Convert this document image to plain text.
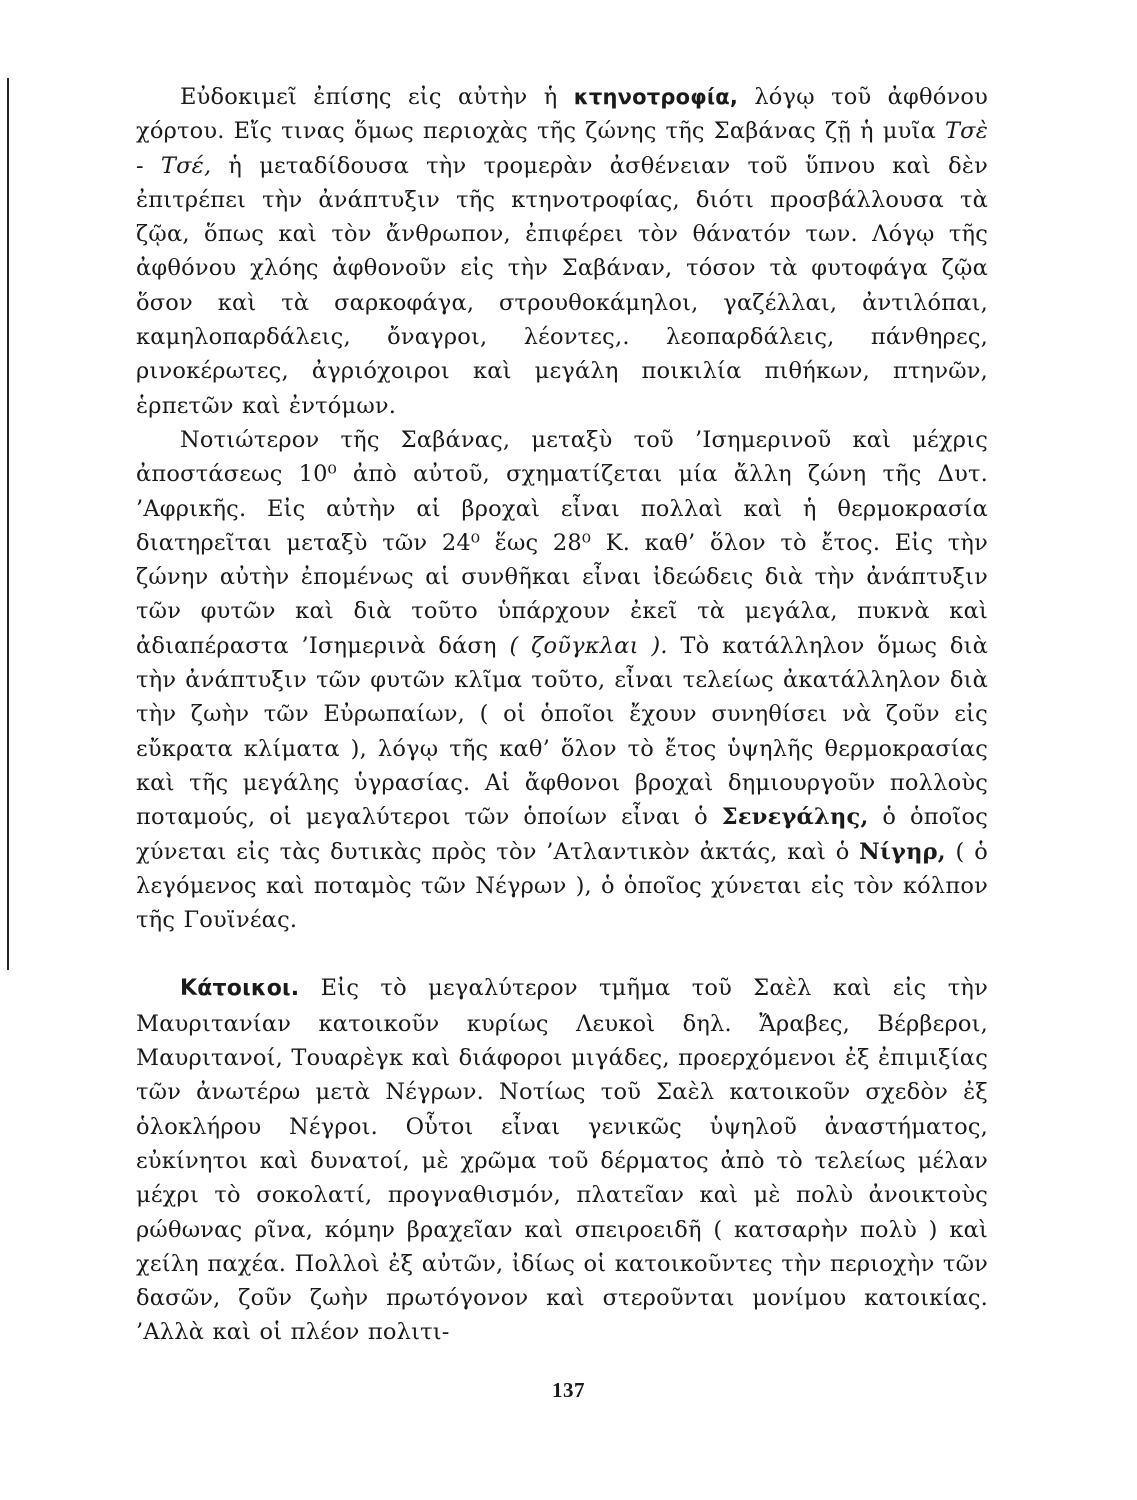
Εὐδοκιμεῖ ἐπίσης εἰς αὐτὴν ἡ κτηνοτροφία, λόγῳ τοῦ ἀφθόνου χόρτου. Εἴς τινας ὅμως περιοχὰς τῆς ζώνης τῆς Σαβάνας ζῇ ἡ μυῖα Τσὲ - Τσέ, ἡ μεταδίδουσα τὴν τρομερὰν ἀσθένειαν τοῦ ὕπνου καὶ δὲν ἐπιτρέπει τὴν ἀνάπτυξιν τῆς κτηνοτροφίας, διότι προσβάλλουσα τὰ ζῷα, ὅπως καὶ τὸν ἄνθρωπον, ἐπιφέρει τὸν θάνατόν των. Λόγῳ τῆς ἀφθόνου χλόης ἀφθονοῦν εἰς τὴν Σαβάναν, τόσον τὰ φυτοφάγα ζῷα ὅσον καὶ τὰ σαρκοφάγα, στρουθοκάμηλοι, γαζέλλαι, ἀντιλόπαι, καμηλοπαρδάλεις, ὄναγροι, λέοντες,. λεοπαρδάλεις, πάνθηρες, ρινοκέρωτες, ἀγριόχοιροι καὶ μεγάλη ποικιλία πιθήκων, πτηνῶν, ἑρπετῶν καὶ ἐντόμων.

Νοτιώτερον τῆς Σαβάνας, μεταξὺ τοῦ ’Ισημερινοῦ καὶ μέχρις ἀποστάσεως 10⁰ ἀπὸ αὐτοῦ, σχηματίζεται μία ἄλλη ζώνη τῆς Δυτ. ’Αφρικῆς. Εἰς αὐτὴν αἱ βροχαὶ εἶναι πολλαὶ καὶ ἡ θερμοκρασία διατηρεῖται μεταξὺ τῶν 24⁰ ἕως 28⁰ Κ. καθ’ ὅλον τὸ ἔτος. Εἰς τὴν ζώνην αὐτὴν ἐπομένως αἱ συνθῆκαι εἶναι ἰδεώδεις διὰ τὴν ἀνάπτυξιν τῶν φυτῶν καὶ διὰ τοῦτο ὑπάρχουν ἐκεῖ τὰ μεγάλα, πυκνὰ καὶ ἀδιαπέραστα ’Ισημερινὰ δάση ( ζοῦγκλαι ). Τὸ κατάλληλον ὅμως διὰ τὴν ἀνάπτυξιν τῶν φυτῶν κλῖμα τοῦτο, εἶναι τελείως ἀκατάλληλον διὰ τὴν ζωὴν τῶν Εὐρωπαίων, ( οἱ ὁποῖοι ἔχουν συνηθίσει νὰ ζοῦν εἰς εὔκρατα κλίματα ), λόγῳ τῆς καθ’ ὅλον τὸ ἔτος ὑψηλῆς θερμοκρασίας καὶ τῆς μεγάλης ὑγρασίας. Αἱ ἄφθονοι βροχαὶ δημιουργοῦν πολλοὺς ποταμούς, οἱ μεγαλύτεροι τῶν ὁποίων εἶναι ὁ Σενεγάλης, ὁ ὁποῖος χύνεται εἰς τὰς δυτικὰς πρὸς τὸν ’Ατλαντικὸν ἀκτάς, καὶ ὁ Νίγηρ, ( ὁ λεγόμενος καὶ ποταμὸς τῶν Νέγρων ), ὁ ὁποῖος χύνεται εἰς τὸν κόλπον τῆς Γουϊνέας.

Κάτοικοι. Εἰς τὸ μεγαλύτερον τμῆμα τοῦ Σαὲλ καὶ εἰς τὴν Μαυριτανίαν κατοικοῦν κυρίως Λευκοὶ δηλ. Ἄραβες, Βέρβεροι, Μαυριτανοί, Τουαρὲγκ καὶ διάφοροι μιγάδες, προερχόμενοι ἐξ ἐπιμιξίας τῶν ἀνωτέρω μετὰ Νέγρων. Νοτίως τοῦ Σαὲλ κατοικοῦν σχεδὸν ἐξ ὁλοκλήρου Νέγροι. Οὗτοι εἶναι γενικῶς ὑψηλοῦ ἀναστήματος, εὐκίνητοι καὶ δυνατοί, μὲ χρῶμα τοῦ δέρματος ἀπὸ τὸ τελείως μέλαν μέχρι τὸ σοκολατί, προγναθισμόν, πλατεῖαν καὶ μὲ πολὺ ἀνοικτοὺς ρώθωνας ρῖνα, κόμην βραχεῖαν καὶ σπειροειδῆ ( κατσαρὴν πολὺ ) καὶ χείλη παχέα. Πολλοὶ ἐξ αὐτῶν, ἰδίως οἱ κατοικοῦντες τὴν περιοχὴν τῶν δασῶν, ζοῦν ζωὴν πρωτόγονον καὶ στεροῦνται μονίμου κατοικίας. ’Αλλὰ καὶ οἱ πλέον πολιτι-

137
